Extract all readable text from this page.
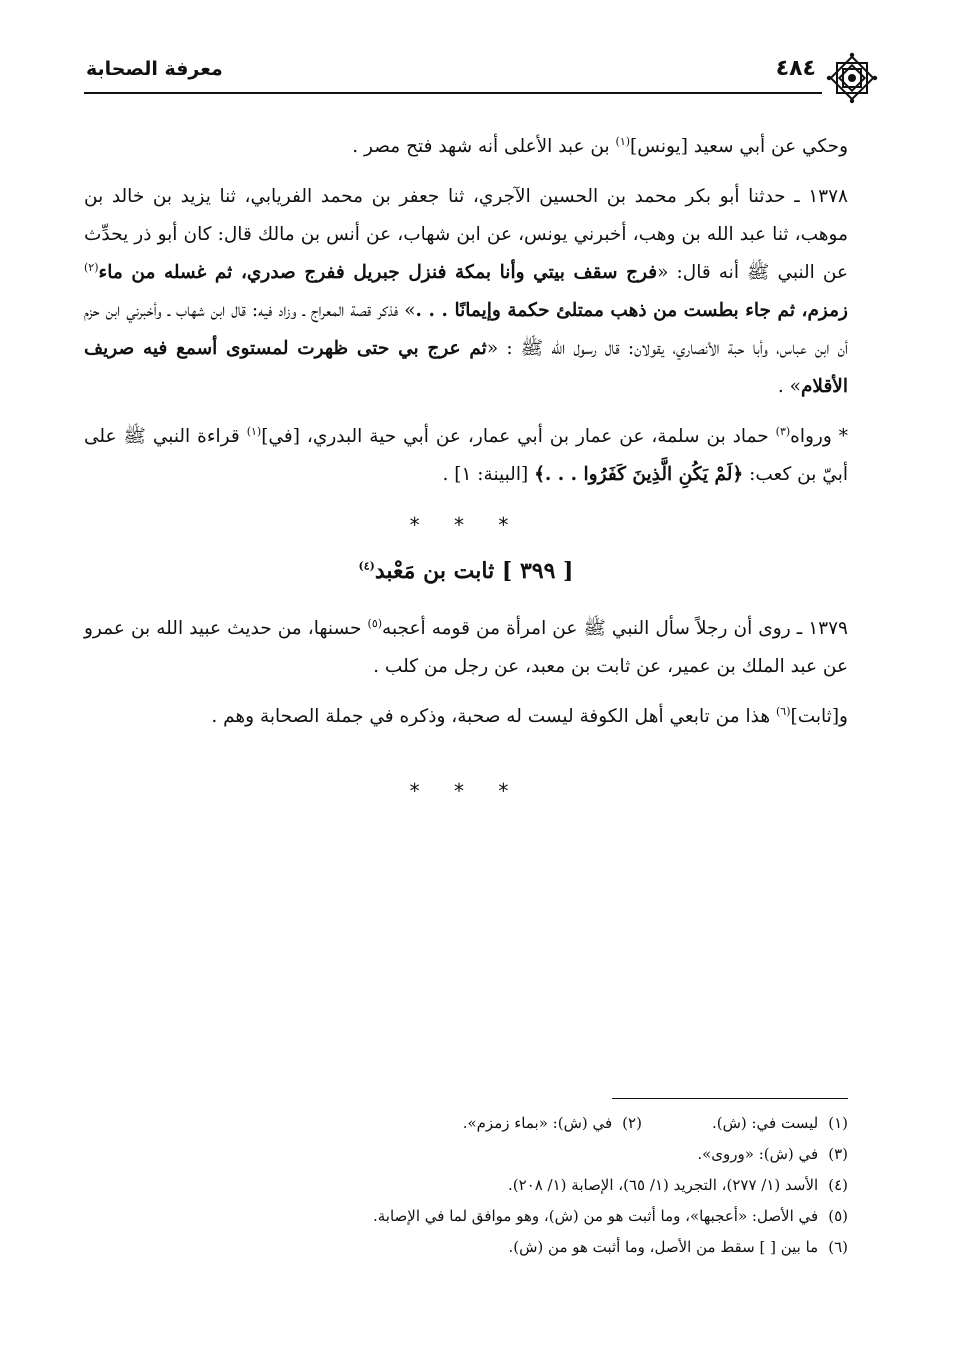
معرفة الصحابة	٤٨٤

وحكي عن أبي سعيد [يونس]$^{(١)}$ بن عبد الأعلى أنه شهد فتح مصر .

١٣٧٨ ـ حدثنا أبو بكر محمد بن الحسين الآجري، ثنا جعفر بن محمد الفريابي، ثنا يزيد بن خالد بن موهب، ثنا عبد الله بن وهب، أخبرني يونس، عن ابن شهاب، عن أنس بن مالك قال: كان أبو ذر يحدِّث عن النبي ﷺ أنه قال: «فرج سقف بيتي وأنا بمكة فنزل جبريل ففرج صدري، ثم غسله من ماء$^{(٢)}$ زمزم، ثم جاء بطست من ذهب ممتلئ حكمة وإيمانًا . . .» فذكر قصة المعراج ـ وزاد فيه: قال ابن شهاب ـ وأخبرني ابن حزم أن ابن عباس، وأبا حبة الأنصاري، يقولان: قال رسول الله ﷺ : «ثم عرج بي حتى ظهرت لمستوى أسمع فيه صريف الأقلام» .

* ورواه$^{(٣)}$ حماد بن سلمة، عن عمار بن أبي عمار، عن أبي حية البدري، [في]$^{(١)}$ قراءة النبي ﷺ على أبيّ بن كعب: ﴿لَمْ يَكُنِ الَّذِينَ كَفَرُوا . . .﴾ [البينة: ١] .

* * *
[ ٣٩٩ ] ثابت بن مَعْبد$^{(٤)}$

١٣٧٩ ـ روى أن رجلاً سأل النبي ﷺ عن امرأة من قومه أعجبه$^{(٥)}$ حسنها، من حديث عبيد الله بن عمرو عن عبد الملك بن عمير، عن ثابت بن معبد، عن رجل من كلب .

و[ثابت]$^{(٦)}$ هذا من تابعي أهل الكوفة ليست له صحبة، وذكره في جملة الصحابة وهم .

* * *
(١)ليست في: (ش).(٢)في (ش): «بماء زمزم».
(٣)في (ش): «وروى».
(٤)الأسد (١/ ٢٧٧)، التجريد (١/ ٦٥)، الإصابة (١/ ٢٠٨).
(٥)في الأصل: «أعجبها»، وما أثبت هو من (ش)، وهو موافق لما في الإصابة.
(٦)ما بين [ ] سقط من الأصل، وما أثبت هو من (ش).
